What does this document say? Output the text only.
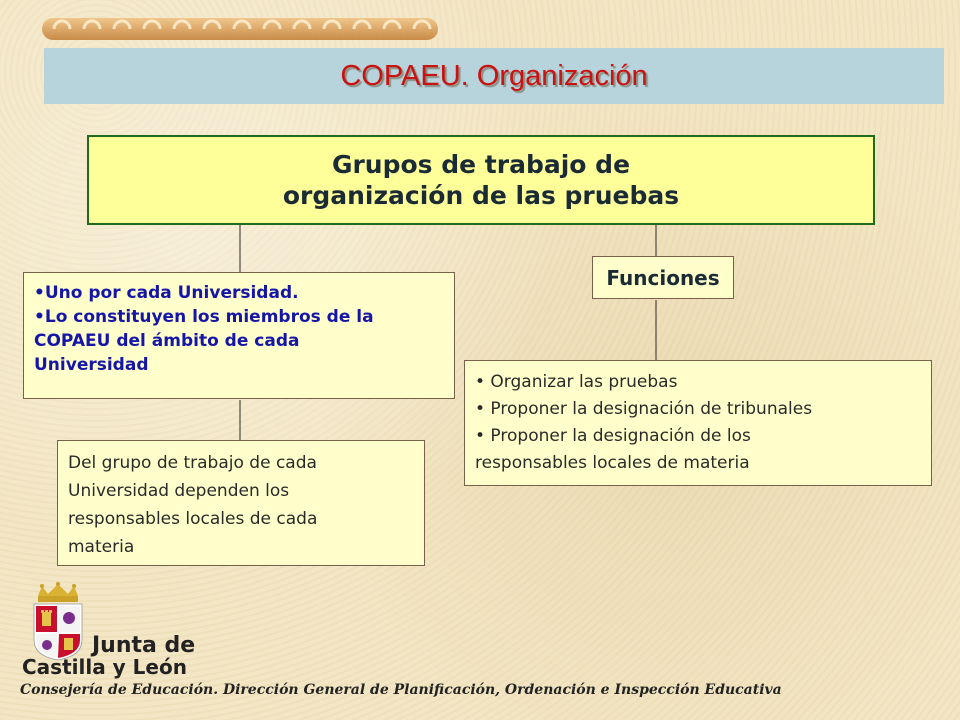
COPAEU. Organización
Grupos de trabajo de
organización de las pruebas
•Uno por cada Universidad.
•Lo constituyen los miembros de la
COPAEU del ámbito de cada
Universidad
Funciones
• Organizar las pruebas
• Proponer la designación de tribunales
• Proponer la designación de los
responsables locales de materia
Del grupo de trabajo de cada
Universidad dependen los
responsables locales de cada
materia
Junta de
Castilla y León
Consejería de Educación. Dirección General de Planificación, Ordenación e Inspección Educativa
